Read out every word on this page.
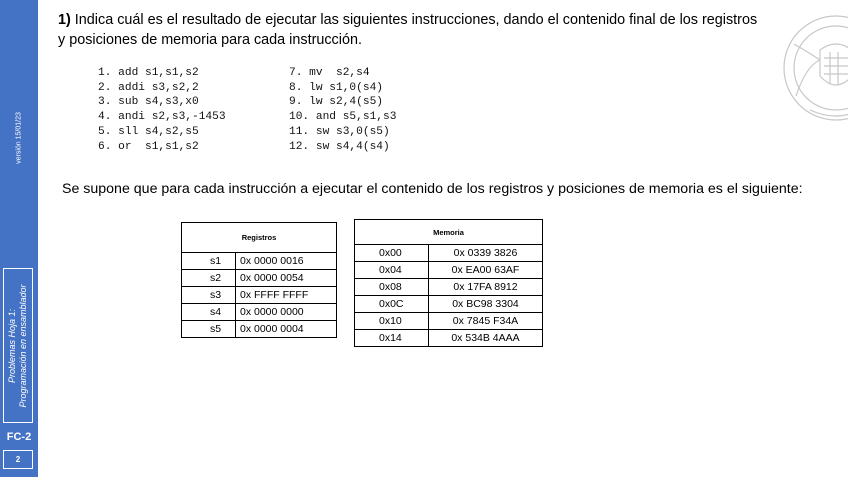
versión 15/01/23
Problemas Hoja 1:
Programación en ensamblador
FC-2
2
1) Indica cuál es el resultado de ejecutar las siguientes instrucciones, dando el contenido final de los registros
y posiciones de memoria para cada instrucción.
1. add s1,s1,s2
2. addi s3,s2,2
3. sub s4,s3,x0
4. andi s2,s3,-1453
5. sll s4,s2,s5
6. or  s1,s1,s2
7. mv  s2,s4
8. lw s1,0(s4)
9. lw s2,4(s5)
10. and s5,s1,s3
11. sw s3,0(s5)
12. sw s4,4(s4)
Se supone que para cada instrucción a ejecutar el contenido de los registros y posiciones de memoria es el siguiente:
Registros	
s1	0x 0000 0016
s2	0x 0000 0054
s3	0x FFFF FFFF
s4	0x 0000 0000
s5	0x 0000 0004
Memoria	
0x00	0x 0339 3826
0x04	0x EA00 63AF
0x08	0x 17FA 8912
0x0C	0x BC98 3304
0x10	0x 7845 F34A
0x14	0x 534B 4AAA
